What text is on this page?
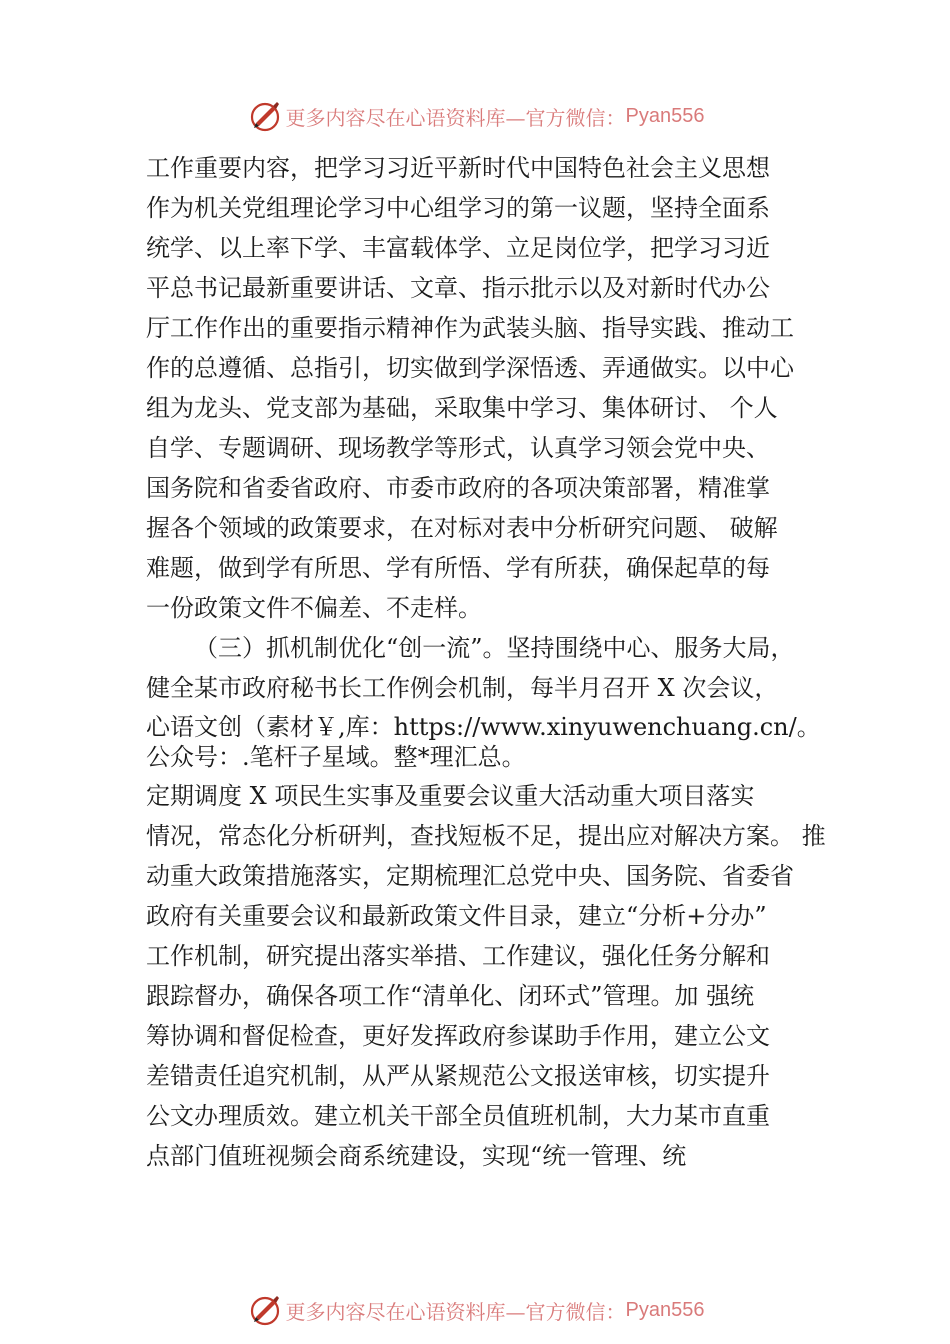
更多内容尽在心语资料库—官方微信： Pyan556
工作重要内容，把学习习近平新时代中国特色社会主义思想
作为机关党组理论学习中心组学习的第一议题，坚持全面系
统学、以上率下学、丰富载体学、立足岗位学，把学习习近
平总书记最新重要讲话、文章、指示批示以及对新时代办公
厅工作作出的重要指示精神作为武装头脑、指导实践、推动工
作的总遵循、总指引，切实做到学深悟透、弄通做实。以中心
组为龙头、党支部为基础，采取集中学习、集体研讨、 个人
自学、专题调研、现场教学等形式，认真学习领会党中央、
国务院和省委省政府、市委市政府的各项决策部署，精准掌
握各个领域的政策要求，在对标对表中分析研究问题、 破解
难题，做到学有所思、学有所悟、学有所获，确保起草的每
一份政策文件不偏差、不走样。
（三）抓机制优化“创一流”。坚持围绕中心、服务大局，
健全某市政府秘书长工作例会机制，每半月召开 X 次会议，
心语文创（素材￥,库：https://www.xinyuwenchuang.cn/。
公众号：.笔杆子星域。整*理汇总。
定期调度 X 项民生实事及重要会议重大活动重大项目落实
情况，常态化分析研判，查找短板不足，提出应对解决方案。 推
动重大政策措施落实，定期梳理汇总党中央、国务院、省委省
政府有关重要会议和最新政策文件目录，建立“分析+分办”
工作机制，研究提出落实举措、工作建议，强化任务分解和
跟踪督办，确保各项工作“清单化、闭环式”管理。加 强统
筹协调和督促检查，更好发挥政府参谋助手作用，建立公文
差错责任追究机制，从严从紧规范公文报送审核，切实提升
公文办理质效。建立机关干部全员值班机制，大力某市直重
点部门值班视频会商系统建设，实现“统一管理、统
更多内容尽在心语资料库—官方微信： Pyan556
